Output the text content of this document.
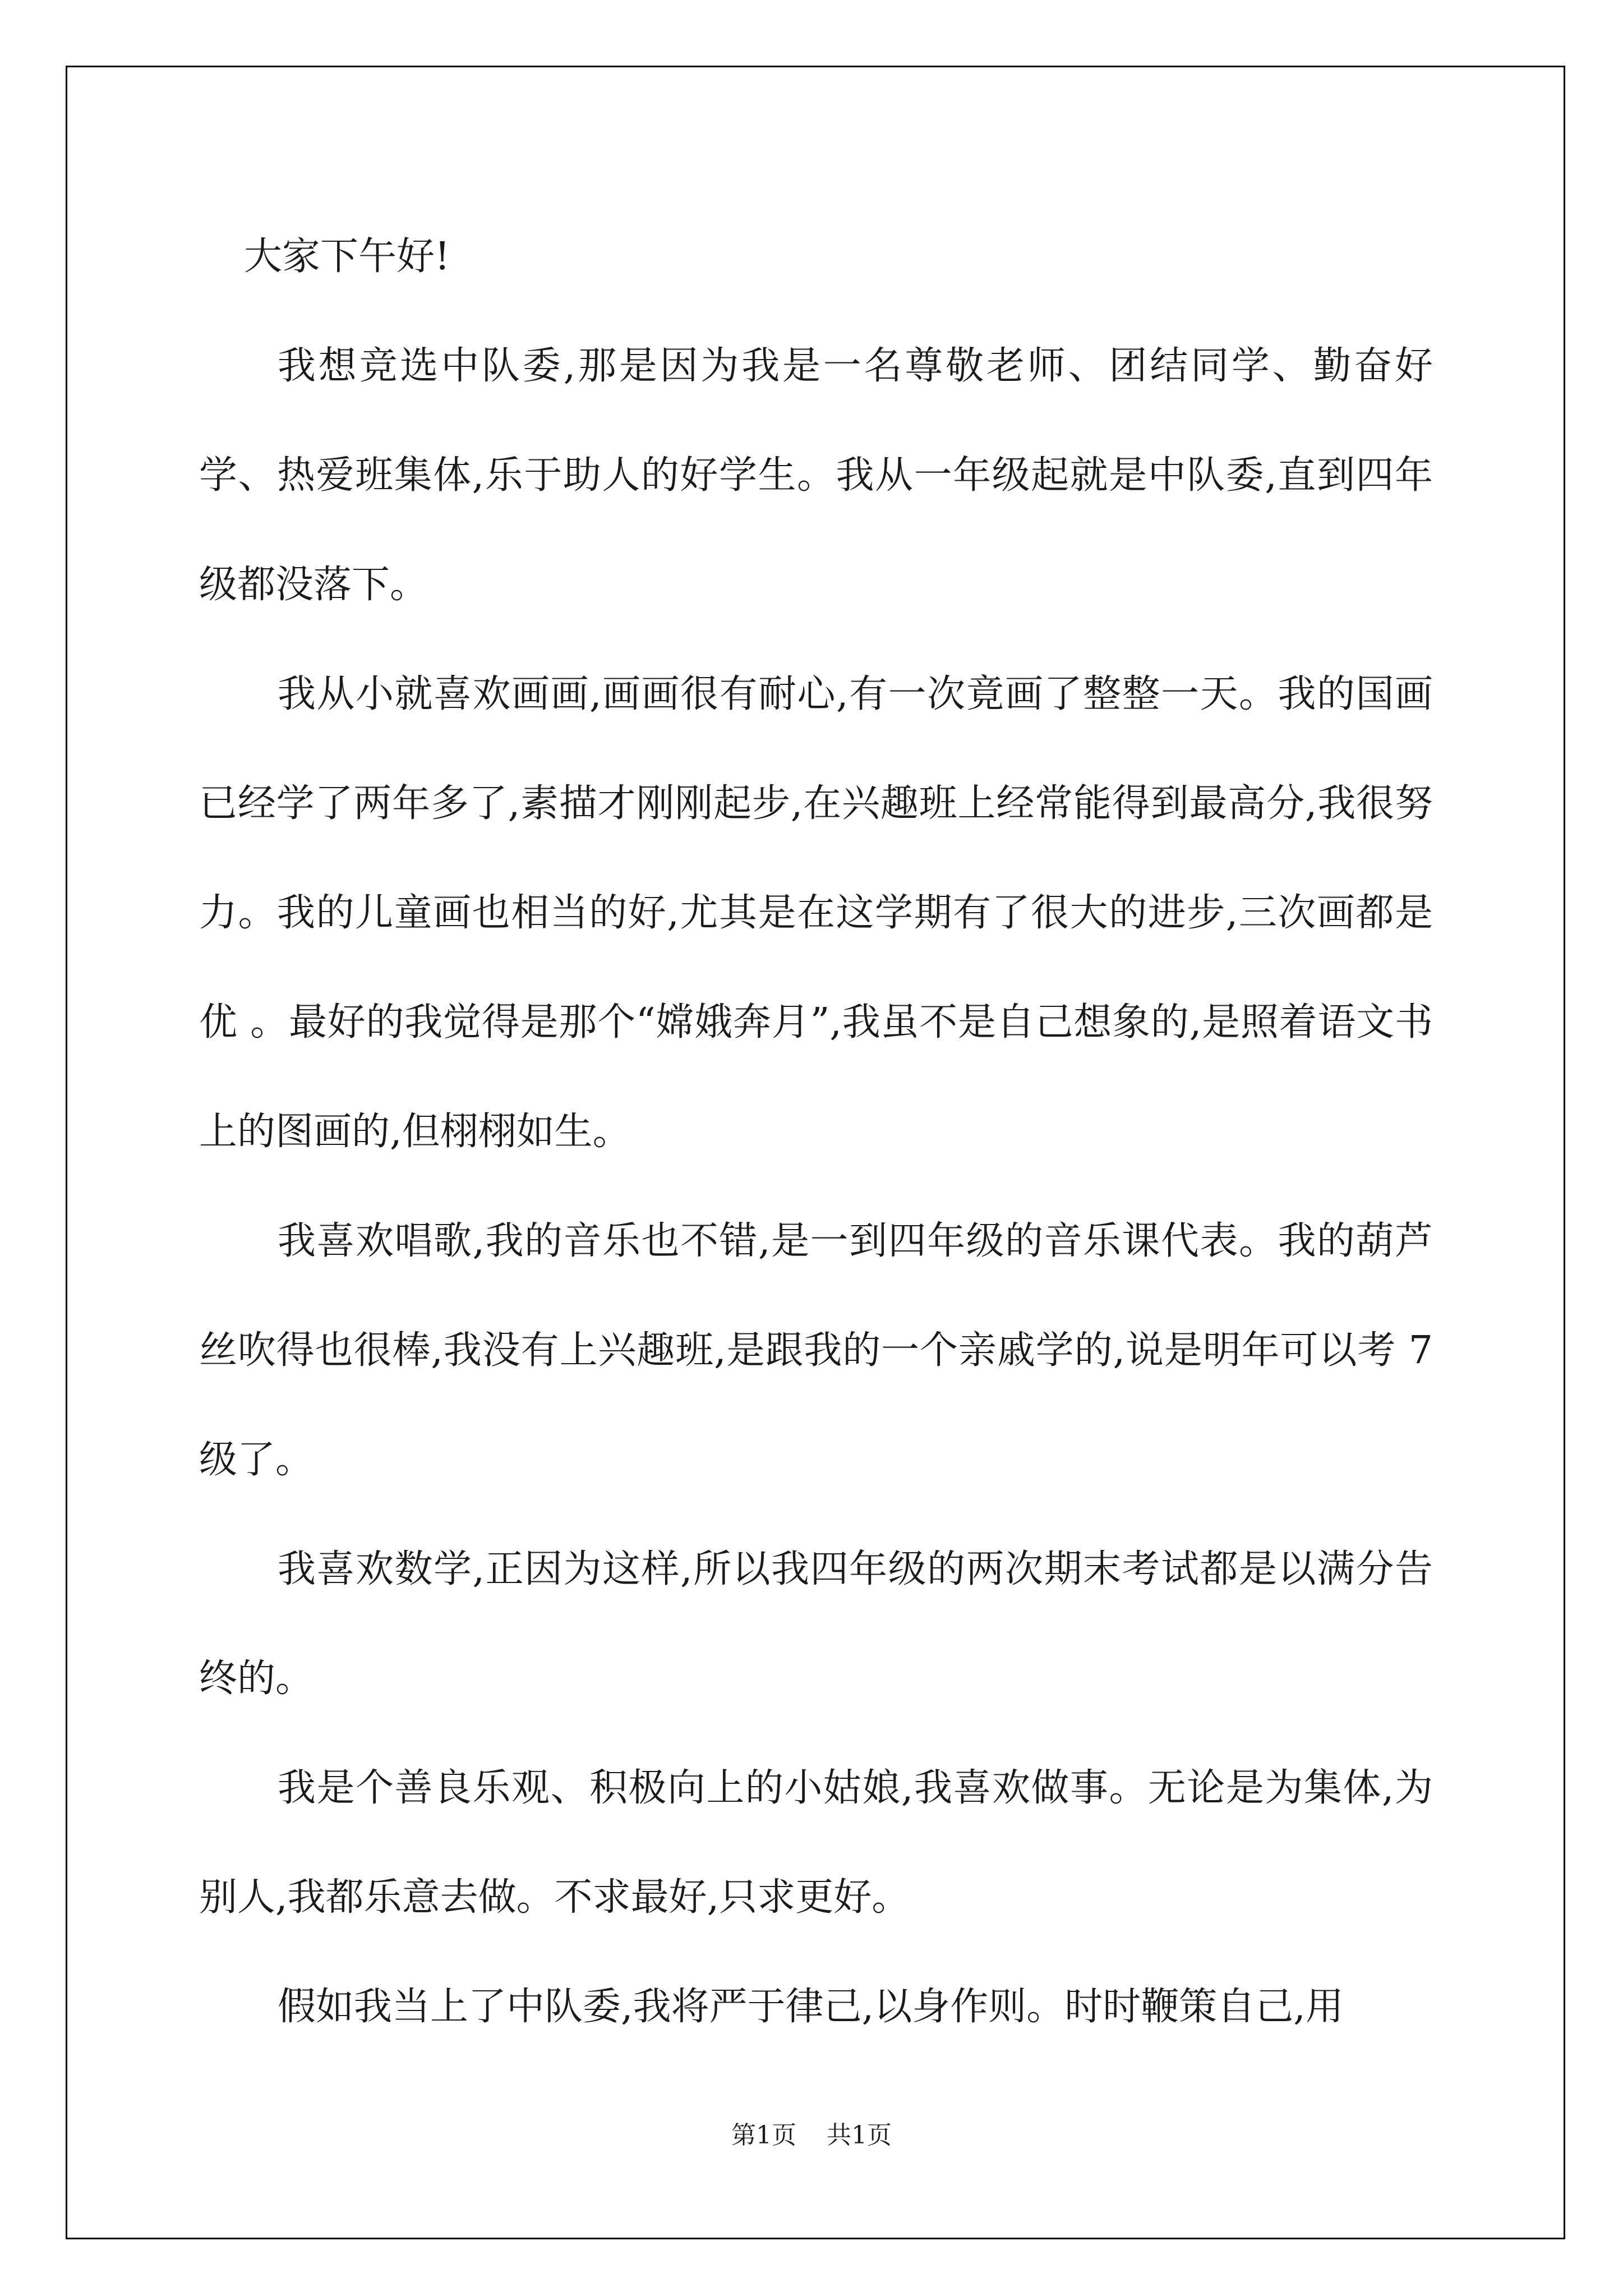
大家下午好!

我想竞选中队委,那是因为我是一名尊敬老师、团结同学、勤奋好学、热爱班集体,乐于助人的好学生。我从一年级起就是中队委,直到四年级都没落下。

我从小就喜欢画画,画画很有耐心,有一次竟画了整整一天。我的国画已经学了两年多了,素描才刚刚起步,在兴趣班上经常能得到最高分,我很努力。我的儿童画也相当的好,尤其是在这学期有了很大的进步,三次画都是优 。最好的我觉得是那个“嫦娥奔月”,我虽不是自己想象的,是照着语文书上的图画的,但栩栩如生。

我喜欢唱歌,我的音乐也不错,是一到四年级的音乐课代表。我的葫芦丝吹得也很棒,我没有上兴趣班,是跟我的一个亲戚学的,说是明年可以考 7 级了。

我喜欢数学,正因为这样,所以我四年级的两次期末考试都是以满分告终的。

我是个善良乐观、积极向上的小姑娘,我喜欢做事。无论是为集体,为别人,我都乐意去做。不求最好,只求更好。

假如我当上了中队委,我将严于律己,以身作则。时时鞭策自己,用

第1页 共1页
